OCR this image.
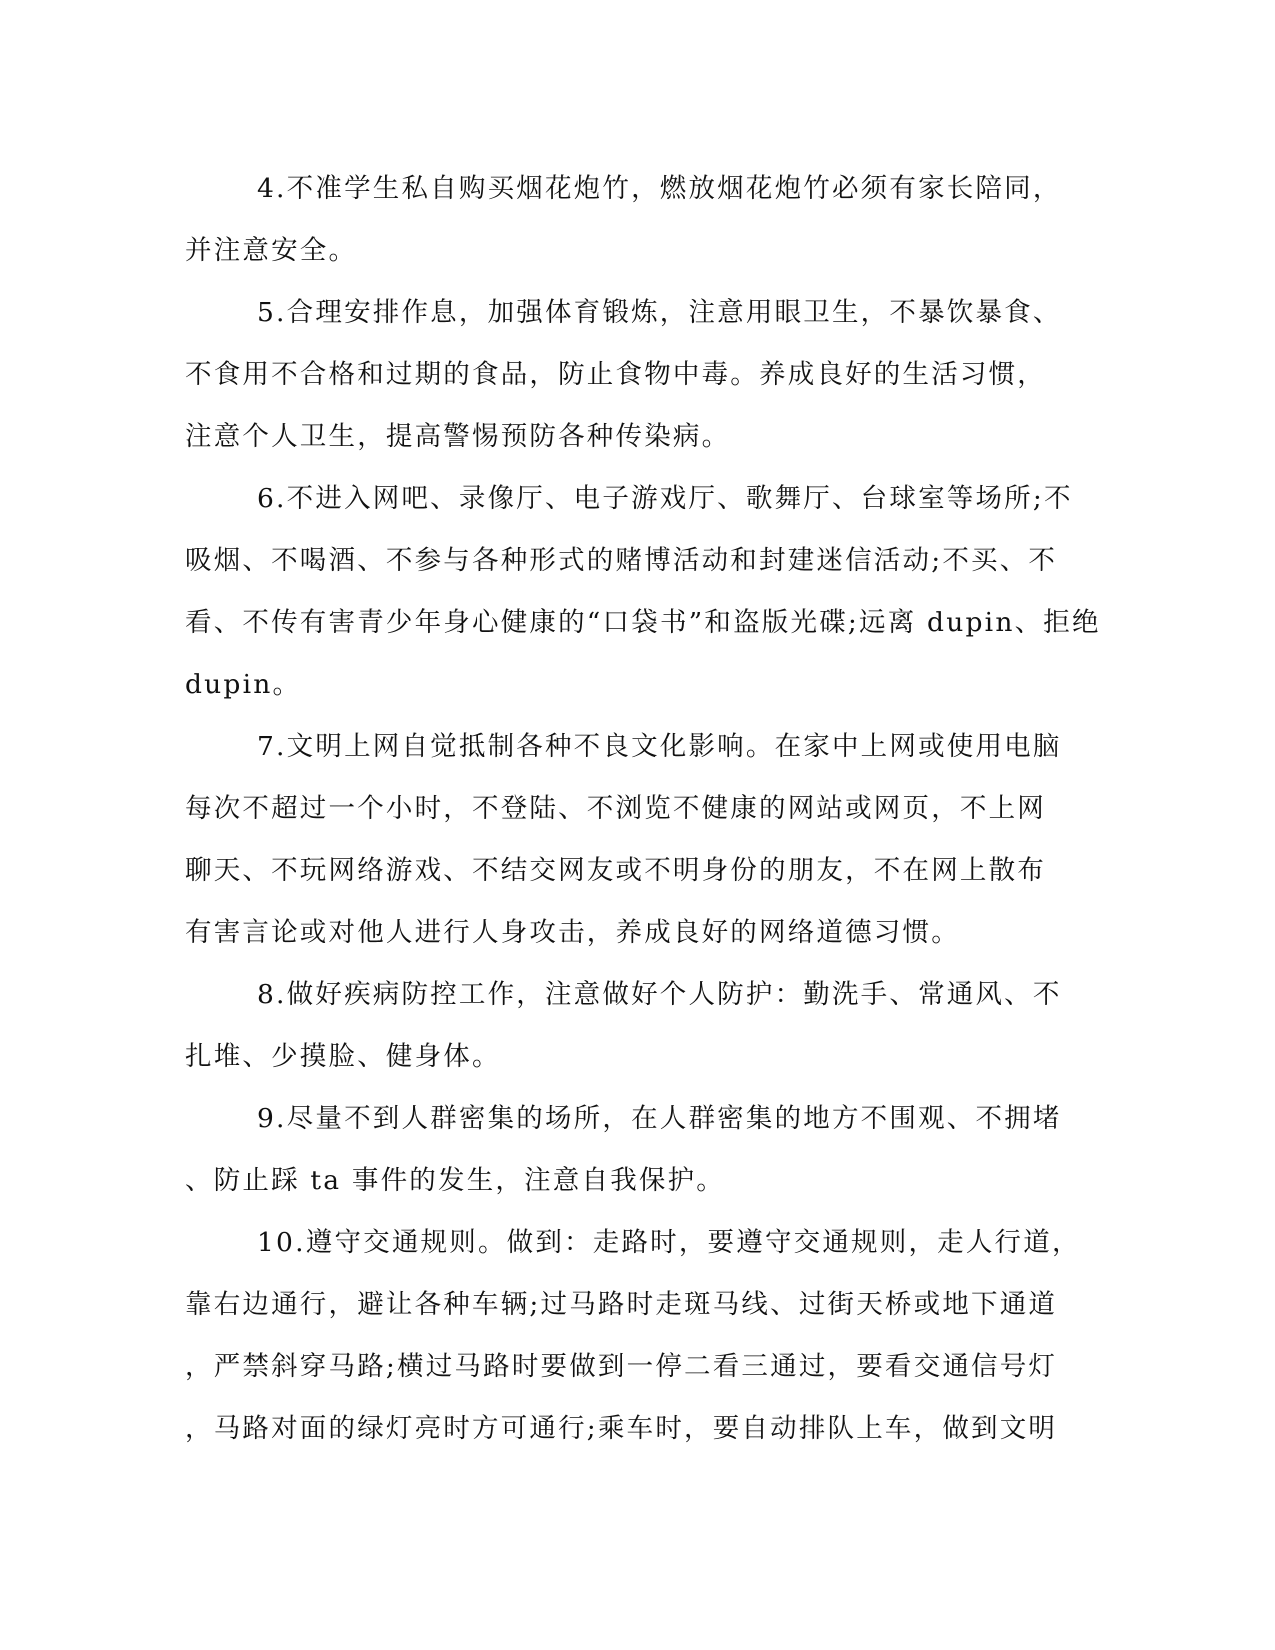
4.不准学生私自购买烟花炮竹，燃放烟花炮竹必须有家长陪同，
并注意安全。
5.合理安排作息，加强体育锻炼，注意用眼卫生，不暴饮暴食、
不食用不合格和过期的食品，防止食物中毒。养成良好的生活习惯，
注意个人卫生，提高警惕预防各种传染病。
6.不进入网吧、录像厅、电子游戏厅、歌舞厅、台球室等场所;不
吸烟、不喝酒、不参与各种形式的赌博活动和封建迷信活动;不买、不
看、不传有害青少年身心健康的“口袋书”和盗版光碟;远离 dupin、拒绝
dupin。
7.文明上网自觉抵制各种不良文化影响。在家中上网或使用电脑
每次不超过一个小时，不登陆、不浏览不健康的网站或网页，不上网
聊天、不玩网络游戏、不结交网友或不明身份的朋友，不在网上散布
有害言论或对他人进行人身攻击，养成良好的网络道德习惯。
8.做好疾病防控工作，注意做好个人防护：勤洗手、常通风、不
扎堆、少摸脸、健身体。
9.尽量不到人群密集的场所，在人群密集的地方不围观、不拥堵
、防止踩 ta 事件的发生，注意自我保护。
10.遵守交通规则。做到：走路时，要遵守交通规则，走人行道，
靠右边通行，避让各种车辆;过马路时走斑马线、过街天桥或地下通道
，严禁斜穿马路;横过马路时要做到一停二看三通过，要看交通信号灯
，马路对面的绿灯亮时方可通行;乘车时，要自动排队上车，做到文明
